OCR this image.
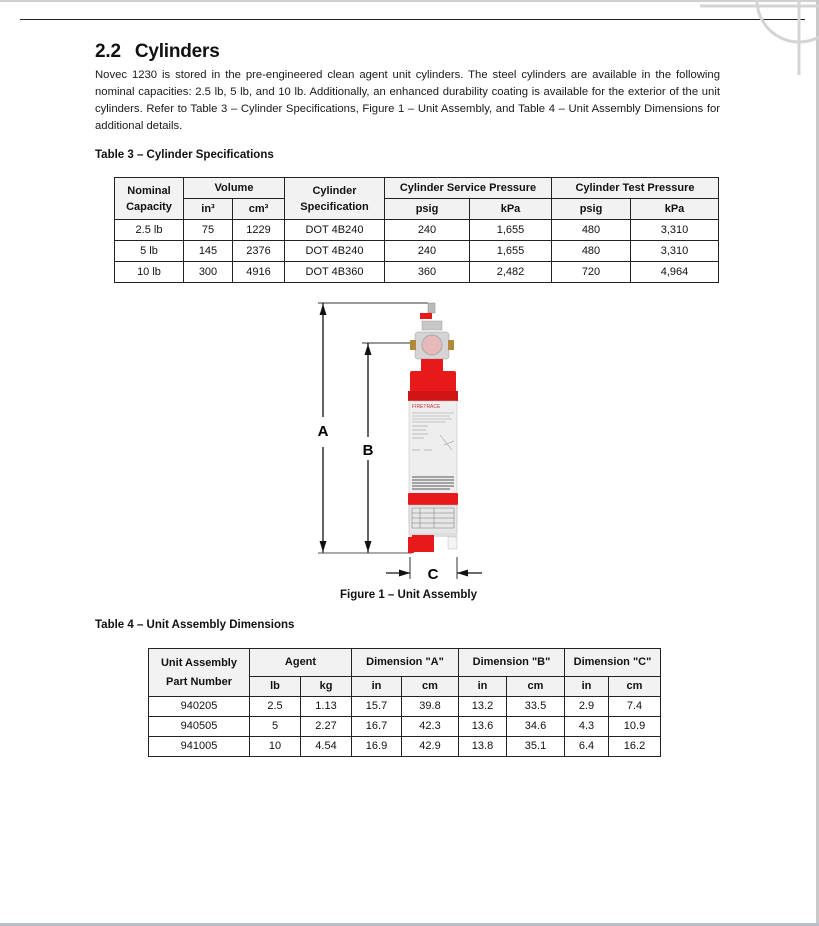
2.2 Cylinders

Novec 1230 is stored in the pre-engineered clean agent unit cylinders. The steel cylinders are available in the following nominal capacities: 2.5 lb, 5 lb, and 10 lb. Additionally, an enhanced durability coating is available for the exterior of the unit cylinders. Refer to Table 3 – Cylinder Specifications, Figure 1 – Unit Assembly, and Table 4 – Unit Assembly Dimensions for additional details.

Table 3 – Cylinder Specifications
Nominal Capacity	Volume		Cylinder Specification	Cylinder Service Pressure		Cylinder Test Pressure	
	in³	cm³		psig	kPa	psig	kPa
2.5 lb	75	1229	DOT 4B240	240	1,655	480	3,310
5 lb	145	2376	DOT 4B240	240	1,655	480	3,310
10 lb	300	4916	DOT 4B360	360	2,482	720	4,964
A
B
FIRETRACE
C
Figure 1 – Unit Assembly
Table 4 – Unit Assembly Dimensions
Unit Assembly Part Number	Agent		Dimension "A"		Dimension "B"		Dimension "C"	
	lb	kg	in	cm	in	cm	in	cm
940205	2.5	1.13	15.7	39.8	13.2	33.5	2.9	7.4
940505	5	2.27	16.7	42.3	13.6	34.6	4.3	10.9
941005	10	4.54	16.9	42.9	13.8	35.1	6.4	16.2
